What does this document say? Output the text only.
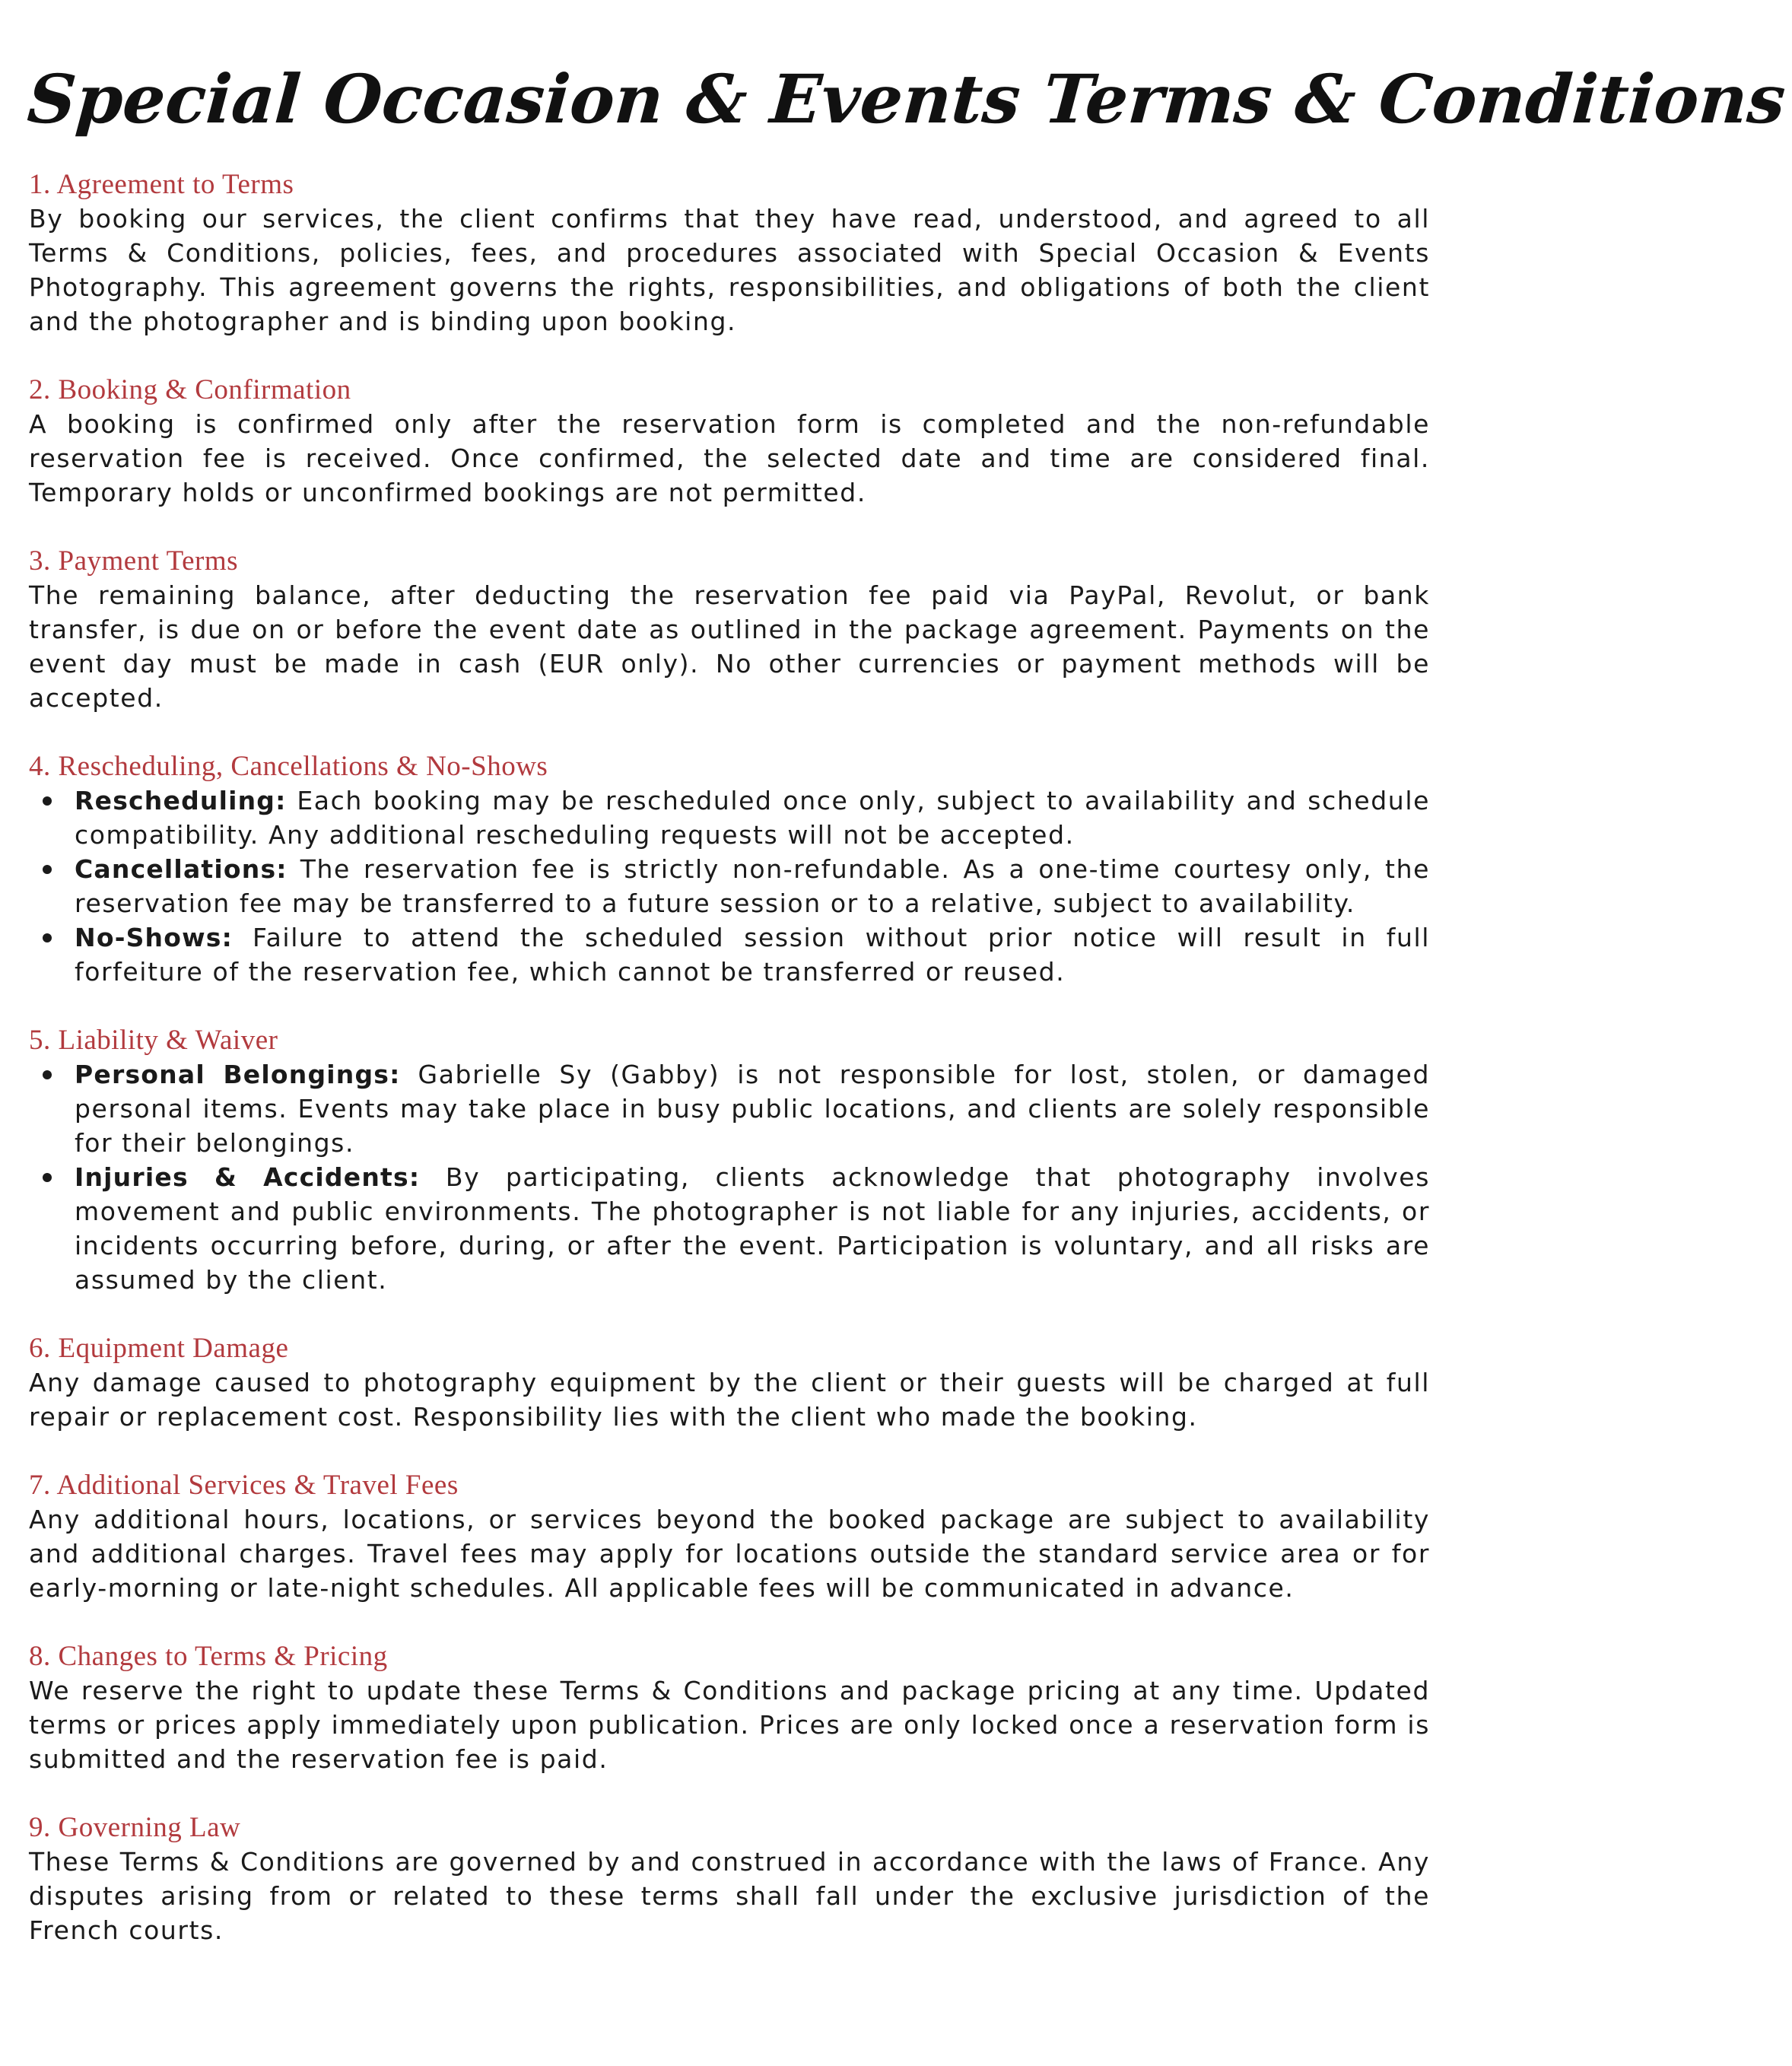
Special Occasion & Events Terms & Conditions
1. Agreement to Terms

By booking our services, the client confirms that they have read, understood, and agreed to all Terms & Conditions, policies, fees, and procedures associated with Special Occasion & Events Photography. This agreement governs the rights, responsibilities, and obligations of both the client and the photographer and is binding upon booking.

2. Booking & Confirmation

A booking is confirmed only after the reservation form is completed and the non-refundable reservation fee is received. Once confirmed, the selected date and time are considered final. Temporary holds or unconfirmed bookings are not permitted.

3. Payment Terms

The remaining balance, after deducting the reservation fee paid via PayPal, Revolut, or bank transfer, is due on or before the event date as outlined in the package agreement. Payments on the event day must be made in cash (EUR only). No other currencies or payment methods will be accepted.

4. Rescheduling, Cancellations & No-Shows
Rescheduling: Each booking may be rescheduled once only, subject to availability and schedule compatibility. Any additional rescheduling requests will not be accepted.
Cancellations: The reservation fee is strictly non-refundable. As a one-time courtesy only, the reservation fee may be transferred to a future session or to a relative, subject to availability.
No-Shows: Failure to attend the scheduled session without prior notice will result in full forfeiture of the reservation fee, which cannot be transferred or reused.
5. Liability & Waiver
Personal Belongings: Gabrielle Sy (Gabby) is not responsible for lost, stolen, or damaged personal items. Events may take place in busy public locations, and clients are solely responsible for their belongings.
Injuries & Accidents: By participating, clients acknowledge that photography involves movement and public environments. The photographer is not liable for any injuries, accidents, or incidents occurring before, during, or after the event. Participation is voluntary, and all risks are assumed by the client.
6. Equipment Damage

Any damage caused to photography equipment by the client or their guests will be charged at full repair or replacement cost. Responsibility lies with the client who made the booking.

7. Additional Services & Travel Fees

Any additional hours, locations, or services beyond the booked package are subject to availability and additional charges. Travel fees may apply for locations outside the standard service area or for early-morning or late-night schedules. All applicable fees will be communicated in advance.

8. Changes to Terms & Pricing

We reserve the right to update these Terms & Conditions and package pricing at any time. Updated terms or prices apply immediately upon publication. Prices are only locked once a reservation form is submitted and the reservation fee is paid.

9. Governing Law

These Terms & Conditions are governed by and construed in accordance with the laws of France. Any disputes arising from or related to these terms shall fall under the exclusive jurisdiction of the French courts.
